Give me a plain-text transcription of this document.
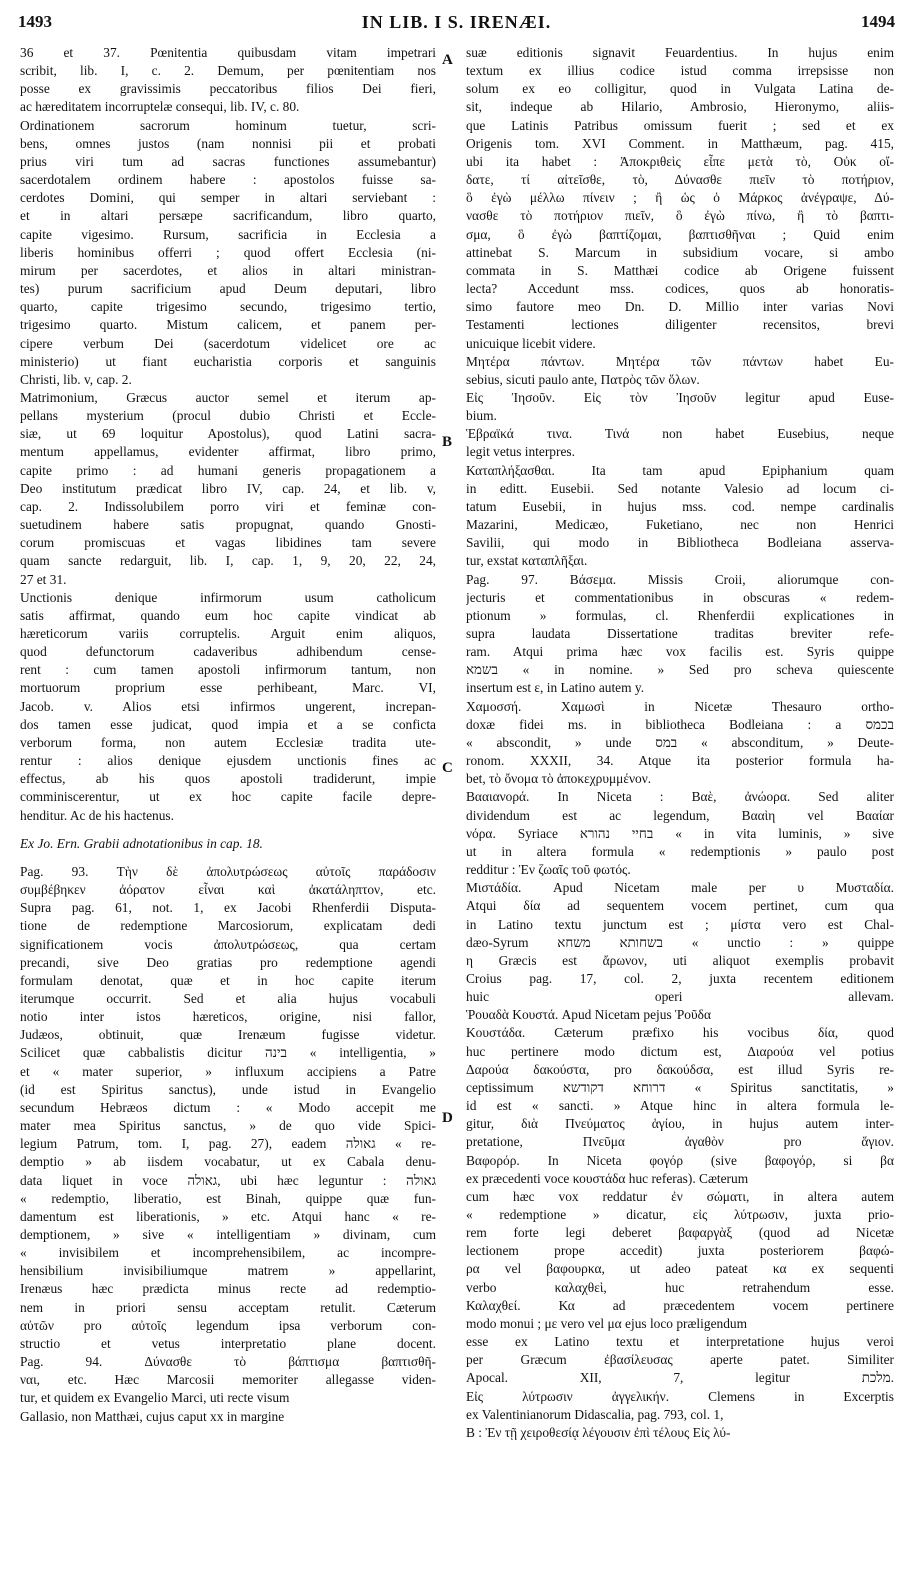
1493	IN LIB. I S. IRENÆI.	1494
36 et 37. Pœnitentia quibusdam vitam impetrari
scribit, lib. I, c. 2. Demum, per pœnitentiam nos
posse ex gravissimis peccatoribus filios Dei fieri,
ac hæreditatem incorruptelæ consequi, lib. IV, c. 80.
Ordinationem sacrorum hominum tuetur, scri-
bens, omnes justos (nam nonnisi pii et probati
prius viri tum ad sacras functiones assumebantur)
sacerdotalem ordinem habere : apostolos fuisse sa-
cerdotes Domini, qui semper in altari serviebant :
et in altari persæpe sacrificandum, libro quarto,
capite vigesimo. Rursum, sacrificia in Ecclesia a
liberis hominibus offerri ; quod offert Ecclesia (ni-
mirum per sacerdotes, et alios in altari ministran-
tes) purum sacrificium apud Deum deputari, libro
quarto, capite trigesimo secundo, trigesimo tertio,
trigesimo quarto. Mistum calicem, et panem per-
cipere verbum Dei (sacerdotum videlicet ore ac
ministerio) ut fiant eucharistia corporis et sanguinis
Christi, lib. v, cap. 2.
Matrimonium, Græcus auctor semel et iterum ap-
pellans mysterium (procul dubio Christi et Eccle-
siæ, ut 69 loquitur Apostolus), quod Latini sacra-
mentum appellamus, evidenter affirmat, libro primo,
capite primo : ad humani generis propagationem a
Deo institutum prædicat libro IV, cap. 24, et lib. v,
cap. 2. Indissolubilem porro viri et feminæ con-
suetudinem habere satis propugnat, quando Gnosti-
corum promiscuas et vagas libidines tam severe
quam sancte redarguit, lib. I, cap. 1, 9, 20, 22, 24,
27 et 31.
Unctionis denique infirmorum usum catholicum
satis affirmat, quando eum hoc capite vindicat ab
hæreticorum variis corruptelis. Arguit enim aliquos,
quod defunctorum cadaveribus adhibendum cense-
rent : cum tamen apostoli infirmorum tantum, non
mortuorum proprium esse perhibeant, Marc. VI,
Jacob. v. Alios etsi infirmos ungerent, increpan-
dos tamen esse judicat, quod impia et a se conficta
verborum forma, non autem Ecclesiæ tradita ute-
rentur : alios denique ejusdem unctionis fines ac
effectus, ab his quos apostoli tradiderunt, impie
comminiscerentur, ut ex hoc capite facile depre-
henditur. Ac de his hactenus.
Ex Jo. Ern. Grabii adnotationibus in cap. 18.
Pag. 93. Τὴν δὲ ἀπολυτρώσεως αὐτοῖς παράδοσιν
συμβέβηκεν ἀόρατον εἶναι καὶ ἀκατάληπτον, etc.
Supra pag. 61, not. 1, ex Jacobi Rhenferdii Disputa-
tione de redemptione Marcosiorum, explicatam dedi
significationem vocis ἀπολυτρώσεως, qua certam
precandi, sive Deo gratias pro redemptione agendi
formulam denotat, quæ et in hoc capite iterum
iterumque occurrit. Sed et alia hujus vocabuli
notio inter istos hæreticos, origine, nisi fallor,
Judæos, obtinuit, quæ Irenæum fugisse videtur.
Scilicet quæ cabbalistis dicitur בינה « intelligentia, »
et « mater superior, » influxum accipiens a Patre
(id est Spiritus sanctus), unde istud in Evangelio
secundum Hebræos dictum : « Modo accepit me
mater mea Spiritus sanctus, » de quo vide Spici-
legium Patrum, tom. I, pag. 27), eadem גאולה « re-
demptio » ab iisdem vocabatur, ut ex Cabala denu-
data liquet in voce גאולה, ubi hæc leguntur : גאולה
« redemptio, liberatio, est Binah, quippe quæ fun-
damentum est liberationis, » etc. Atqui hanc « re-
demptionem, » sive « intelligentiam » divinam, cum
« invisibilem et incomprehensibilem, ac incompre-
hensibilium invisibiliumque matrem » appellarint,
Irenæus hæc prædicta minus recte ad redemptio-
nem in priori sensu acceptam retulit. Cæterum
αὐτῶν pro αὐτοῖς legendum ipsa verborum con-
structio et vetus interpretatio plane docent.
Pag. 94. Δύνασθε τὸ βάπτισμα βαπτισθῆ-
ναι, etc. Hæc Marcosii memoriter allegasse viden-
tur, et quidem ex Evangelio Marci, uti recte visum
Gallasio, non Matthæi, cujus caput xx in margine
A
B
C
D
suæ editionis signavit Feuardentius. In hujus enim
textum ex illius codice istud comma irrepsisse non
solum ex eo colligitur, quod in Vulgata Latina de-
sit, indeque ab Hilario, Ambrosio, Hieronymo, aliis-
que Latinis Patribus omissum fuerit ; sed et ex
Origenis tom. XVI Comment. in Matthæum, pag. 415,
ubi ita habet : Ἀποκριθεὶς εἶπε μετὰ τὸ, Οὐκ οἴ-
δατε, τί αἰτεῖσθε, τὸ, Δύνασθε πιεῖν τὸ ποτήριον,
ὃ ἐγὼ μέλλω πίνειν ; ἢ ὡς ὁ Μάρκος ἀνέγραψε, Δύ-
νασθε τὸ ποτήριον πιεῖν, ὃ ἐγὼ πίνω, ἢ τὸ βαπτι-
σμα, ὃ ἐγὼ βαπτίζομαι, βαπτισθῆναι ; Quid enim
attinebat S. Marcum in subsidium vocare, si ambo
commata in S. Matthæi codice ab Origene fuissent
lecta? Accedunt mss. codices, quos ab honoratis-
simo fautore meo Dn. D. Millio inter varias Novi
Testamenti lectiones diligenter recensitos, brevi
unicuique licebit videre.
Μητέρα πάντων. Μητέρα τῶν πάντων habet Eu-
sebius, sicuti paulo ante, Πατρὸς τῶν ὅλων.
Εἰς Ἰησοῦν. Εἰς τὸν Ἰησοῦν legitur apud Euse-
bium.
Ἑβραϊκά τινα. Τινά non habet Eusebius, neque
legit vetus interpres.
Καταπλήξασθαι. Ita tam apud Epiphanium quam
in editt. Eusebii. Sed notante Valesio ad locum ci-
tatum Eusebii, in hujus mss. cod. nempe cardinalis
Mazarini, Medicæo, Fuketiano, nec non Henrici
Savilii, qui modo in Bibliotheca Bodleiana asserva-
tur, exstat καταπλῆξαι.
Pag. 97. Βάσεμα. Missis Croii, aliorumque con-
jecturis et commentationibus in obscuras « redem-
ptionum » formulas, cl. Rhenferdii explicationes in
supra laudata Dissertatione traditas breviter refe-
ram. Atqui prima hæc vox facilis est. Syris quippe
בשמא « in nomine. » Sed pro scheva quiescente
insertum est ε, in Latino autem y.
Χαμοσσή. Χαμωσὶ in Nicetæ Thesauro ortho-
doxæ fidei ms. in bibliotheca Bodleiana : a בכמס
« abscondit, » unde במס « absconditum, » Deute-
ronom. XXXII, 34. Atque ita posterior formula ha-
bet, τὸ ὄνομα τὸ ἀποκεχρυμμένον.
Βααιανορά. In Niceta : Βαὲ, ἀνώορα. Sed aliter
dividendum est ac legendum, Βααὶη vel Βααίαr
νόρα. Syriace בחיי נהורא « in vita luminis, » sive
ut in altera formula « redemptionis » paulo post
redditur : Ἐν ζωαῖς τοῦ φωτός.
Μιστάδία. Apud Nicetam male per υ Μυσταδία.
Atqui δία ad sequentem vocem pertinet, cum qua
in Latino textu junctum est ; μίστα vero est Chal-
dæo-Syrum בשחותא משחא « unctio : » quippe
η Græcis est ἄρωνον, uti aliquot exemplis probavit
Croius pag. 17, col. 2, juxta recentem editionem
huic operi allevam.
Ῥουαδὰ Κουστά. Apud Nicetam pejus Ῥοῦδα
Κουστάδα. Cæterum præfixo his vocibus δία, quod
huc pertinere modo dictum est, Διαρούα vel potius
Δαρούα δακούστα, pro δακούδσα, est illud Syris re-
ceptissimum דרוחא דקודשא « Spiritus sanctitatis, »
id est « sancti. » Atque hinc in altera formula le-
gitur, διὰ Πνεύματος ἁγίου, in hujus autem inter-
pretatione, Πνεῦμα ἀγαθὸν pro ἅγιον.
Βαφορόρ. In Niceta φογόρ (sive βαφογόρ, si βα
ex præcedenti voce κουστάδα huc referas). Cæterum
cum hæc vox reddatur ἐν σώματι, in altera autem
« redemptione » dicatur, εἰς λύτρωσιν, juxta prio-
rem forte legi deberet βαφαργὰξ (quod ad Nicetæ
lectionem prope accedit) juxta posteriorem βαφώ-
ρα vel βαφουρκα, ut adeo pateat κα ex sequenti
verbo καλαχθεὶ, huc retrahendum esse.
Καλαχθεί. Κα ad præcedentem vocem pertinere
modo monui ; με vero vel μα ejus loco præligendum
esse ex Latino textu et interpretatione hujus veroi
per Græcum ἐβασίλευσας aperte patet. Similiter
Apocal. XII, 7, legitur מלכת.
Εἰς λύτρωσιν ἀγγελικήν. Clemens in Excerptis
ex Valentinianorum Didascalia, pag. 793, col. 1,
B : Ἐν τῇ χειροθεσίᾳ λέγουσιν ἐπὶ τέλους Εἰς λύ-
